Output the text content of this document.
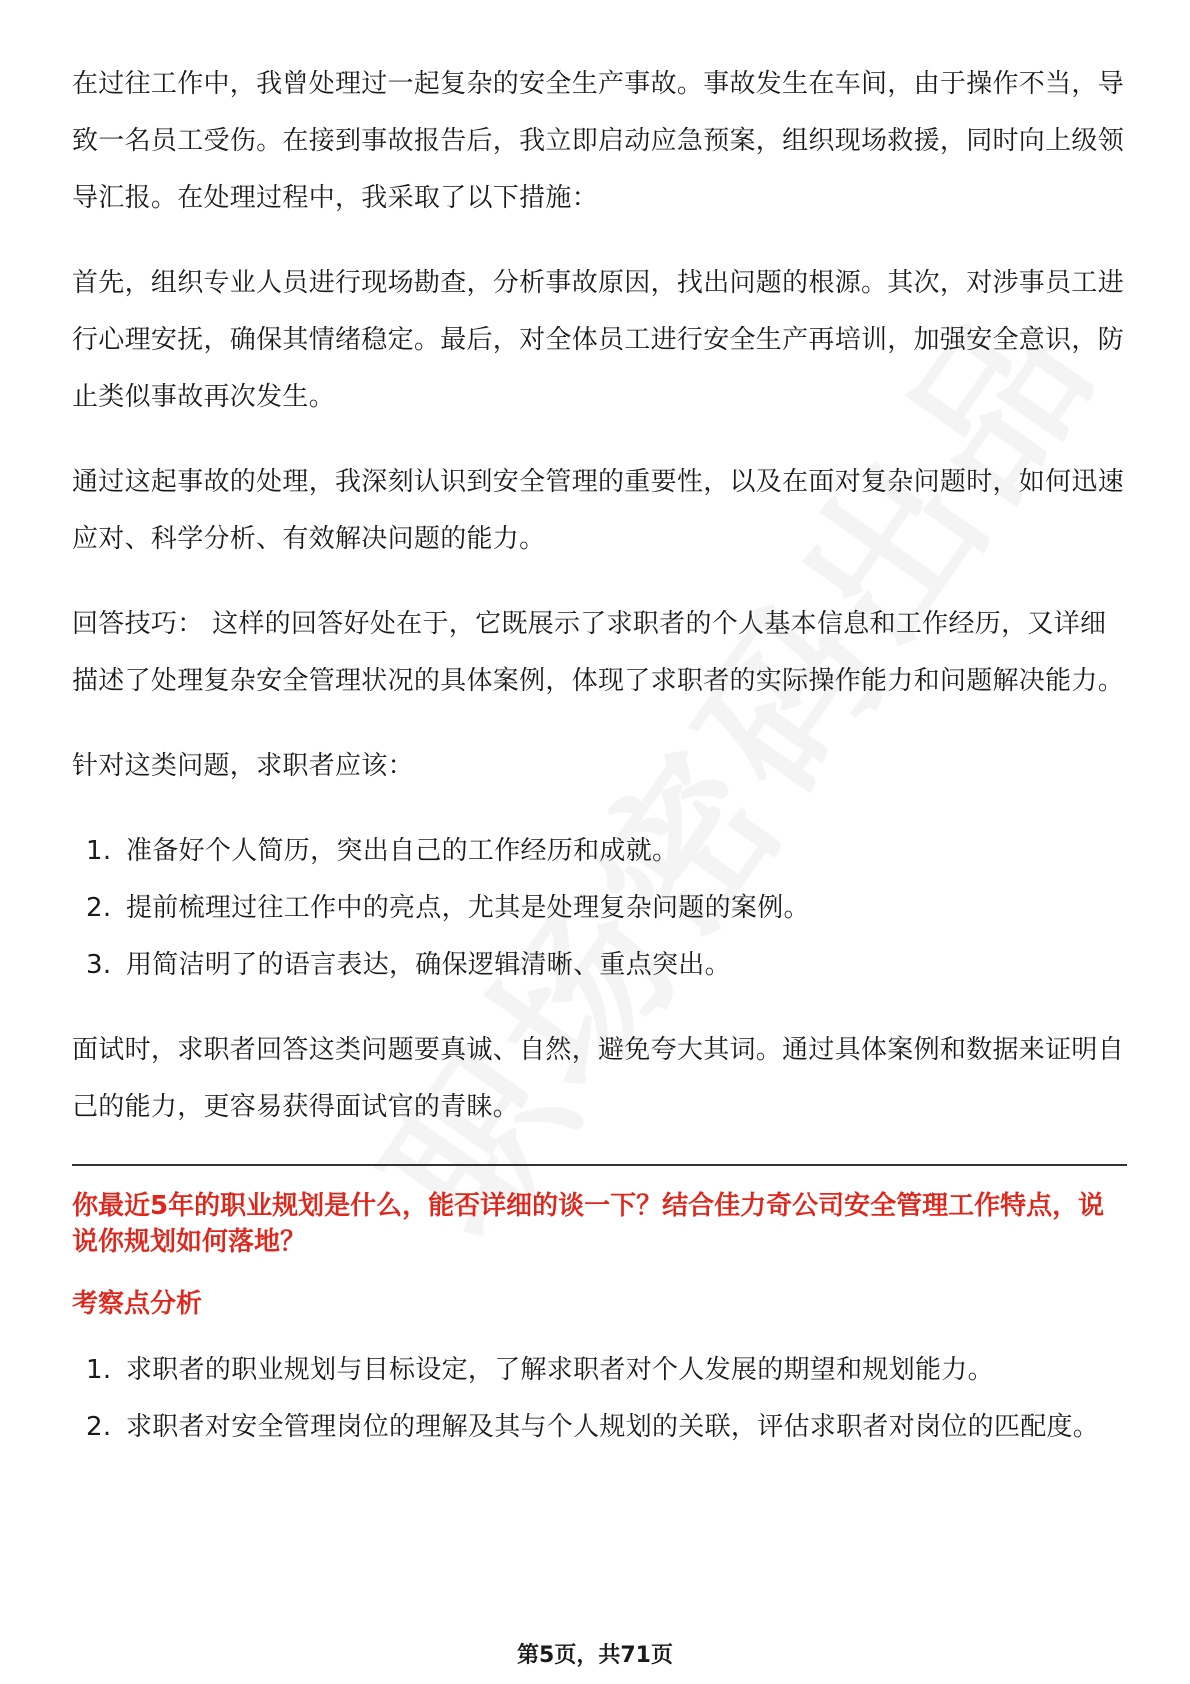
在过往工作中，我曾处理过一起复杂的安全生产事故。事故发生在车间，由于操作不当，导致一名员工受伤。在接到事故报告后，我立即启动应急预案，组织现场救援，同时向上级领导汇报。在处理过程中，我采取了以下措施：

首先，组织专业人员进行现场勘查，分析事故原因，找出问题的根源。其次，对涉事员工进行心理安抚，确保其情绪稳定。最后，对全体员工进行安全生产再培训，加强安全意识，防止类似事故再次发生。

通过这起事故的处理，我深刻认识到安全管理的重要性，以及在面对复杂问题时，如何迅速应对、科学分析、有效解决问题的能力。

回答技巧： 这样的回答好处在于，它既展示了求职者的个人基本信息和工作经历，又详细描述了处理复杂安全管理状况的具体案例，体现了求职者的实际操作能力和问题解决能力。

针对这类问题，求职者应该：

1. 准备好个人简历，突出自己的工作经历和成就。
2. 提前梳理过往工作中的亮点，尤其是处理复杂问题的案例。
3. 用简洁明了的语言表达，确保逻辑清晰、重点突出。

面试时，求职者回答这类问题要真诚、自然，避免夸大其词。通过具体案例和数据来证明自己的能力，更容易获得面试官的青睐。

你最近5年的职业规划是什么，能否详细的谈一下？结合佳力奇公司安全管理工作特点，说说你规划如何落地？
考察点分析
1. 求职者的职业规划与目标设定，了解求职者对个人发展的期望和规划能力。
2. 求职者对安全管理岗位的理解及其与个人规划的关联，评估求职者对岗位的匹配度。
第5页，共71页
